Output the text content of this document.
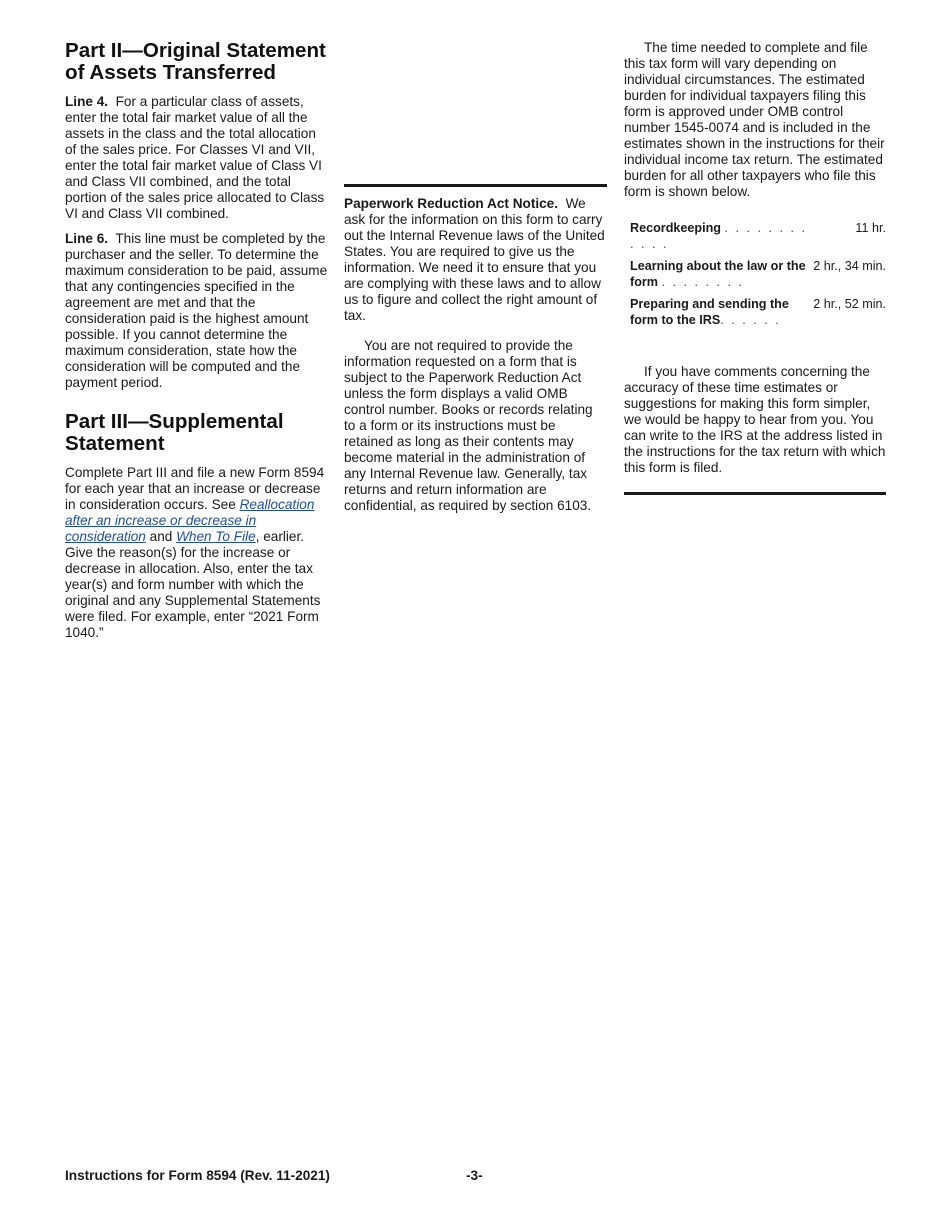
Part II—Original Statement of Assets Transferred

Line 4. For a particular class of assets, enter the total fair market value of all the assets in the class and the total allocation of the sales price. For Classes VI and VII, enter the total fair market value of Class VI and Class VII combined, and the total portion of the sales price allocated to Class VI and Class VII combined.

Line 6. This line must be completed by the purchaser and the seller. To determine the maximum consideration to be paid, assume that any contingencies specified in the agreement are met and that the consideration paid is the highest amount possible. If you cannot determine the maximum consideration, state how the consideration will be computed and the payment period.

Part III—Supplemental Statement

Complete Part III and file a new Form 8594 for each year that an increase or decrease in consideration occurs. See Reallocation after an increase or decrease in consideration and When To File, earlier. Give the reason(s) for the increase or decrease in allocation. Also, enter the tax year(s) and form number with which the original and any Supplemental Statements were filed. For example, enter “2021 Form 1040.”

Paperwork Reduction Act Notice. We ask for the information on this form to carry out the Internal Revenue laws of the United States. You are required to give us the information. We need it to ensure that you are complying with these laws and to allow us to figure and collect the right amount of tax.

You are not required to provide the information requested on a form that is subject to the Paperwork Reduction Act unless the form displays a valid OMB control number. Books or records relating to a form or its instructions must be retained as long as their contents may become material in the administration of any Internal Revenue law. Generally, tax returns and return information are confidential, as required by section 6103.

The time needed to complete and file this tax form will vary depending on individual circumstances. The estimated burden for individual taxpayers filing this form is approved under OMB control number 1545-0074 and is included in the estimates shown in the instructions for their individual income tax return. The estimated burden for all other taxpayers who file this form is shown below.

Recordkeeping . . . . . . . . . . . .	11 hr.
Learning about the law or the form . . . . . . . .	2 hr., 34 min.
Preparing and sending the form to the IRS. . . . . .	2 hr., 52 min.

If you have comments concerning the accuracy of these time estimates or suggestions for making this form simpler, we would be happy to hear from you. You can write to the IRS at the address listed in the instructions for the tax return with which this form is filed.

Instructions for Form 8594 (Rev. 11-2021)	-3-
